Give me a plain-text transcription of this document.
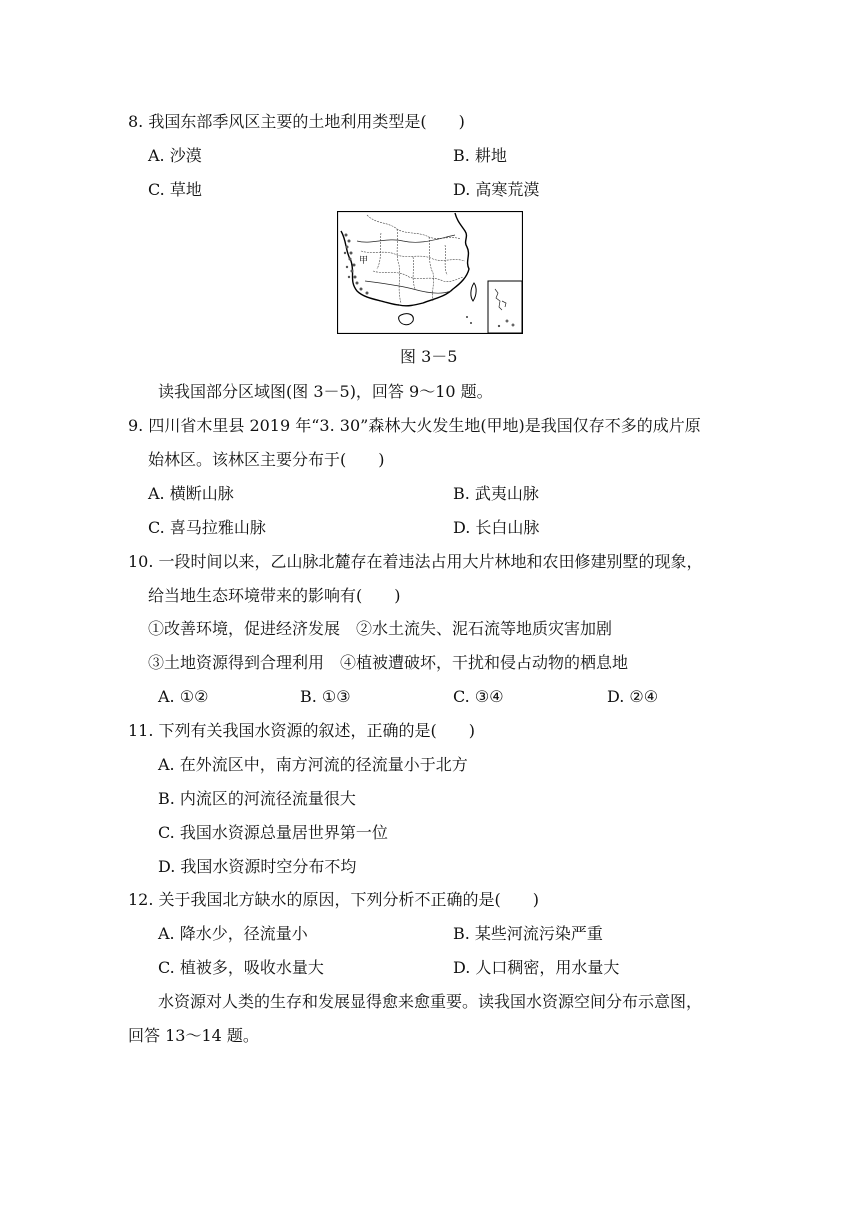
8. 我国东部季风区主要的土地利用类型是(　　)
A. 沙漠	B. 耕地
C. 草地	D. 高寒荒漠
甲
图 3－5
读我国部分区域图(图 3－5)，回答 9～10 题。
9. 四川省木里县 2019 年“3. 30”森林大火发生地(甲地)是我国仅存不多的成片原
始林区。该林区主要分布于(　　)
A. 横断山脉	B. 武夷山脉
C. 喜马拉雅山脉	D. 长白山脉
10. 一段时间以来，乙山脉北麓存在着违法占用大片林地和农田修建别墅的现象，
给当地生态环境带来的影响有(　　)
①改善环境，促进经济发展　②水土流失、泥石流等地质灾害加剧
③土地资源得到合理利用　④植被遭破坏，干扰和侵占动物的栖息地
A. ①②	B. ①③	C. ③④	D. ②④
11. 下列有关我国水资源的叙述，正确的是(　　)
A. 在外流区中，南方河流的径流量小于北方
B. 内流区的河流径流量很大
C. 我国水资源总量居世界第一位
D. 我国水资源时空分布不均
12. 关于我国北方缺水的原因，下列分析不正确的是(　　)
A. 降水少，径流量小	B. 某些河流污染严重
C. 植被多，吸收水量大	D. 人口稠密，用水量大
水资源对人类的生存和发展显得愈来愈重要。读我国水资源空间分布示意图，
回答 13～14 题。
